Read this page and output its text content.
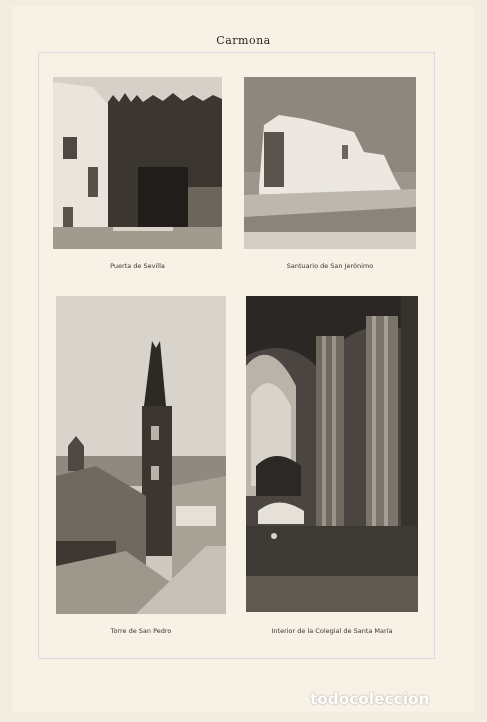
Carmona
Puerta de Sevilla	Santuario de San Jerónimo
Torre de San Pedro	Interior de la Colegial de Santa María
todocoleccion
